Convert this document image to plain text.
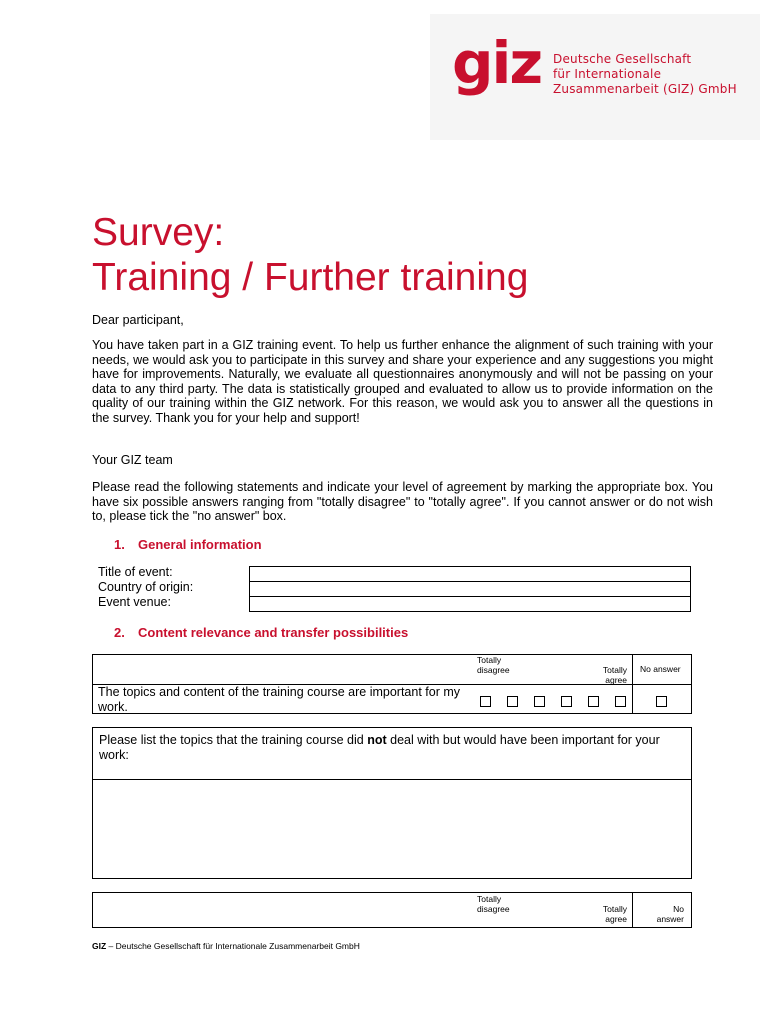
giz Deutsche Gesellschaft
für Internationale
Zusammenarbeit (GIZ) GmbH
Survey:
Training / Further training
Dear participant,
You have taken part in a GIZ training event. To help us further enhance the alignment of such training with your needs, we would ask you to participate in this survey and share your experience and any suggestions you might have for improvements. Naturally, we evaluate all questionnaires anonymously and will not be passing on your data to any third party. The data is statistically grouped and evaluated to allow us to provide information on the quality of our training within the GIZ network. For this reason, we would ask you to answer all the questions in the survey. Thank you for your help and support!
Your GIZ team
Please read the following statements and indicate your level of agreement by marking the appropriate box. You have six possible answers ranging from "totally disagree" to "totally agree". If you cannot answer or do not wish to, please tick the "no answer" box.
1. General information
Title of event:
Country of origin:
Event venue:
2. Content relevance and transfer possibilities
Totally
disagree	Totally
agree
No answer
The topics and content of the training course are important for my work.
Please list the topics that the training course did not deal with but would have been important for your work:
Totally
disagree	Totally
agree
No
answer
GIZ – Deutsche Gesellschaft für Internationale Zusammenarbeit GmbH
